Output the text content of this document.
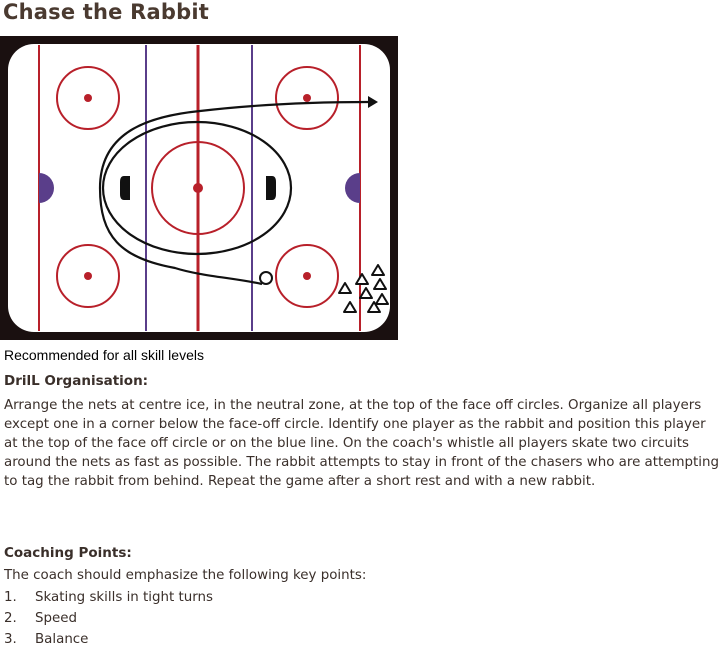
Chase the Rabbit
Recommended for all skill levels
DrilL Organisation:
Arrange the nets at centre ice, in the neutral zone, at the top of the face off circles. Organize all players except one in a corner below the face-off circle. Identify one player as the rabbit and position this player at the top of the face off circle or on the blue line. On the coach's whistle all players skate two circuits around the nets as fast as possible. The rabbit attempts to stay in front of the chasers who are attempting to tag the rabbit from behind. Repeat the game after a short rest and with a new rabbit.
Coaching Points:
The coach should emphasize the following key points:
1. Skating skills in tight turns
2. Speed
3. Balance
